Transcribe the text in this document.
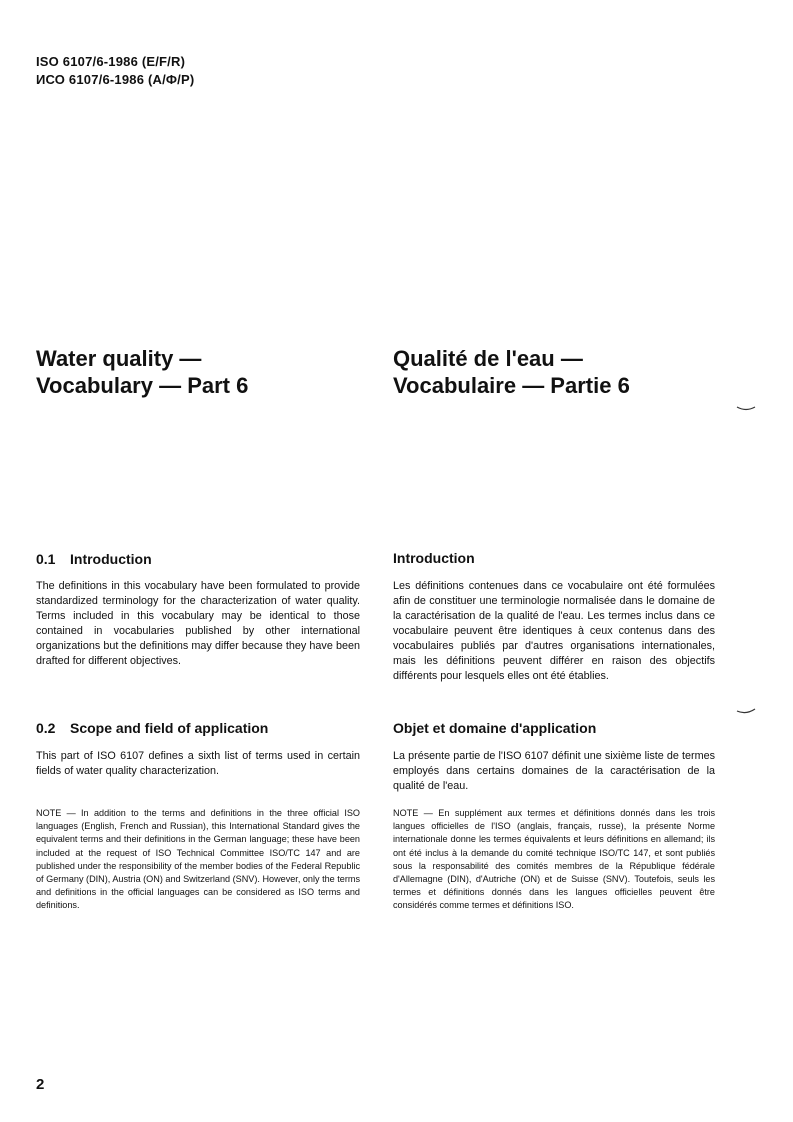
ISO 6107/6-1986 (E/F/R)
ИСО 6107/6-1986 (А/Ф/Р)
Water quality —
Vocabulary — Part 6
Qualité de l'eau —
Vocabulaire — Partie 6
0.1 Introduction	Introduction
The definitions in this vocabulary have been formulated to provide standardized terminology for the characterization of water quality. Terms included in this vocabulary may be identical to those contained in vocabularies published by other international organizations but the definitions may differ because they have been drafted for different objectives.
Les définitions contenues dans ce vocabulaire ont été formulées afin de constituer une terminologie normalisée dans le domaine de la caractérisation de la qualité de l'eau. Les termes inclus dans ce vocabulaire peuvent être identiques à ceux contenus dans des vocabulaires publiés par d'autres organisations internationales, mais les définitions peuvent différer en raison des objectifs différents pour lesquels elles ont été établies.
0.2 Scope and field of application	Objet et domaine d'application
This part of ISO 6107 defines a sixth list of terms used in certain fields of water quality characterization.
La présente partie de l'ISO 6107 définit une sixième liste de termes employés dans certains domaines de la caractérisation de la qualité de l'eau.
NOTE — In addition to the terms and definitions in the three official ISO languages (English, French and Russian), this International Standard gives the equivalent terms and their definitions in the German language; these have been included at the request of ISO Technical Committee ISO/TC 147 and are published under the responsibility of the member bodies of the Federal Republic of Germany (DIN), Austria (ON) and Switzerland (SNV). However, only the terms and definitions in the official languages can be considered as ISO terms and definitions.
NOTE — En supplément aux termes et définitions donnés dans les trois langues officielles de l'ISO (anglais, français, russe), la présente Norme internationale donne les termes équivalents et leurs définitions en allemand; ils ont été inclus à la demande du comité technique ISO/TC 147, et sont publiés sous la responsabilité des comités membres de la République fédérale d'Allemagne (DIN), d'Autriche (ON) et de Suisse (SNV). Toutefois, seuls les termes et définitions donnés dans les langues officielles peuvent être considérés comme termes et définitions ISO.
2
